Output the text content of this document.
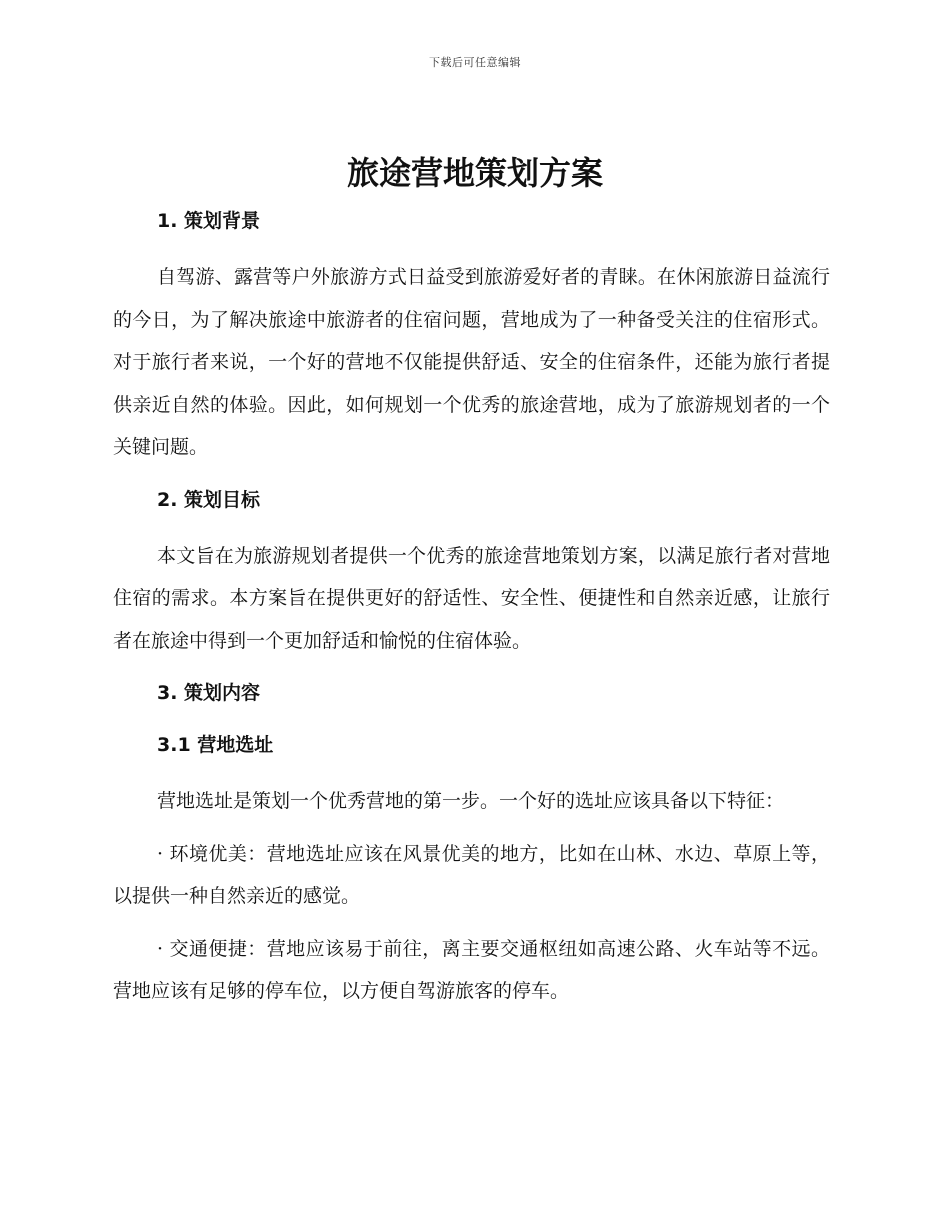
下载后可任意编辑
旅途营地策划方案
1. 策划背景

自驾游、露营等户外旅游方式日益受到旅游爱好者的青睐。在休闲旅游日益流行的今日，为了解决旅途中旅游者的住宿问题，营地成为了一种备受关注的住宿形式。对于旅行者来说，一个好的营地不仅能提供舒适、安全的住宿条件，还能为旅行者提供亲近自然的体验。因此，如何规划一个优秀的旅途营地，成为了旅游规划者的一个关键问题。

2. 策划目标

本文旨在为旅游规划者提供一个优秀的旅途营地策划方案，以满足旅行者对营地住宿的需求。本方案旨在提供更好的舒适性、安全性、便捷性和自然亲近感，让旅行者在旅途中得到一个更加舒适和愉悦的住宿体验。

3. 策划内容
3.1 营地选址

营地选址是策划一个优秀营地的第一步。一个好的选址应该具备以下特征：

· 环境优美：营地选址应该在风景优美的地方，比如在山林、水边、草原上等，以提供一种自然亲近的感觉。

· 交通便捷：营地应该易于前往，离主要交通枢纽如高速公路、火车站等不远。营地应该有足够的停车位，以方便自驾游旅客的停车。
